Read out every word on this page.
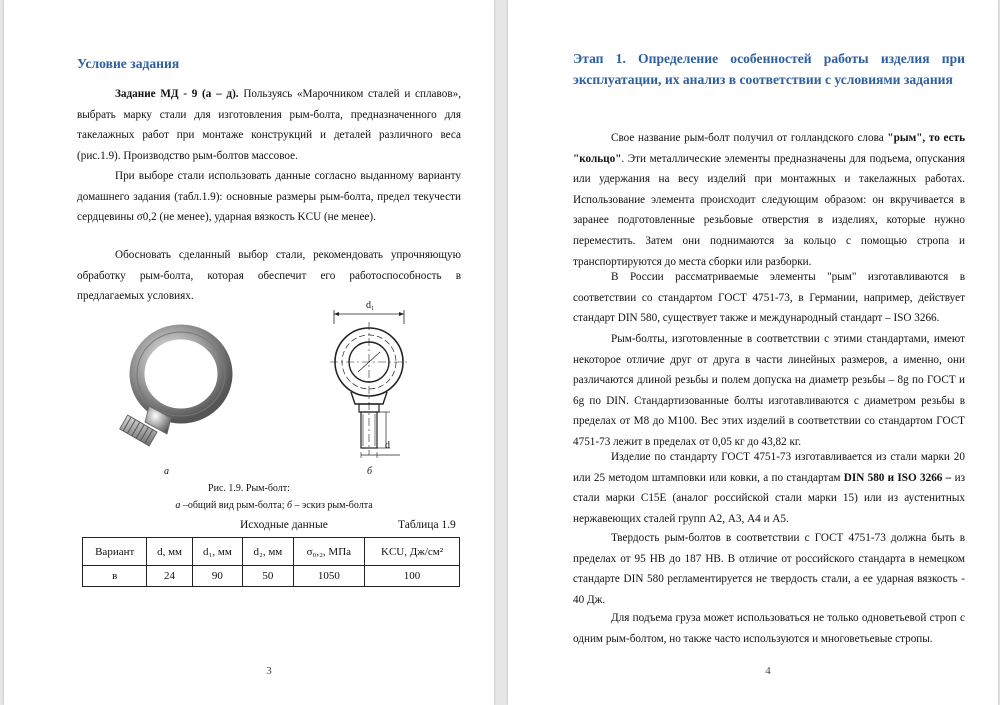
Условие задания
Задание МД - 9 (а – д). Пользуясь «Марочником сталей и сплавов», выбрать марку стали для изготовления рым-болта, предназначенного для такелажных работ при монтаже конструкций и деталей различного веса (рис.1.9). Производство рым-болтов массовое.
При выборе стали использовать данные согласно выданному варианту домашнего задания (табл.1.9): основные размеры рым-болта, предел текучести сердцевины σ0,2 (не менее), ударная вязкость KCU (не менее).
Обосновать сделанный выбор стали, рекомендовать упрочняющую обработку рым-болта, которая обеспечит его работоспособность в предлагаемых условиях.
а
d₁
d
б
Рис. 1.9. Рым-болт:
а –общий вид рым-болта; б – эскиз рым-болта
Исходные данные	Таблица 1.9
Вариант	d, мм	d₁, мм	d₂, мм	σ₀,₂, МПа	KCU, Дж/см²
в	24	90	50	1050	100
3
Этап 1. Определение особенностей работы изделия при эксплуатации, их анализ в соответствии с условиями задания
Свое название рым-болт получил от голландского слова "рым", то есть "кольцо". Эти металлические элементы предназначены для подъема, опускания или удержания на весу изделий при монтажных и такелажных работах. Использование элемента происходит следующим образом: он вкручивается в заранее подготовленные резьбовые отверстия в изделиях, которые нужно переместить. Затем они поднимаются за кольцо с помощью стропа и транспортируются до места сборки или разборки.
В России рассматриваемые элементы "рым" изготавливаются в соответствии со стандартом ГОСТ 4751-73, в Германии, например, действует стандарт DIN 580, существует также и международный стандарт – ISO 3266.
Рым-болты, изготовленные в соответствии с этими стандартами, имеют некоторое отличие друг от друга в части линейных размеров, а именно, они различаются длиной резьбы и полем допуска на диаметр резьбы – 8g по ГОСТ и 6g по DIN. Стандартизованные болты изготавливаются с диаметром резьбы в пределах от М8 до М100. Вес этих изделий в соответствии со стандартом ГОСТ 4751-73 лежит в пределах от 0,05 кг до 43,82 кг.
Изделие по стандарту ГОСТ 4751-73 изготавливается из стали марки 20 или 25 методом штамповки или ковки, а по стандартам DIN 580 и ISO 3266 – из стали марки С15Е (аналог российской стали марки 15) или из аустенитных нержавеющих сталей групп А2, А3, А4 и А5.
Твердость рым-болтов в соответствии с ГОСТ 4751-73 должна быть в пределах от 95 НВ до 187 НВ. В отличие от российского стандарта в немецком стандарте DIN 580 регламентируется не твердость стали, а ее ударная вязкость - 40 Дж.
Для подъема груза может использоваться не только одноветьевой строп с одним рым-болтом, но также часто используются и многоветьевые стропы.
4
